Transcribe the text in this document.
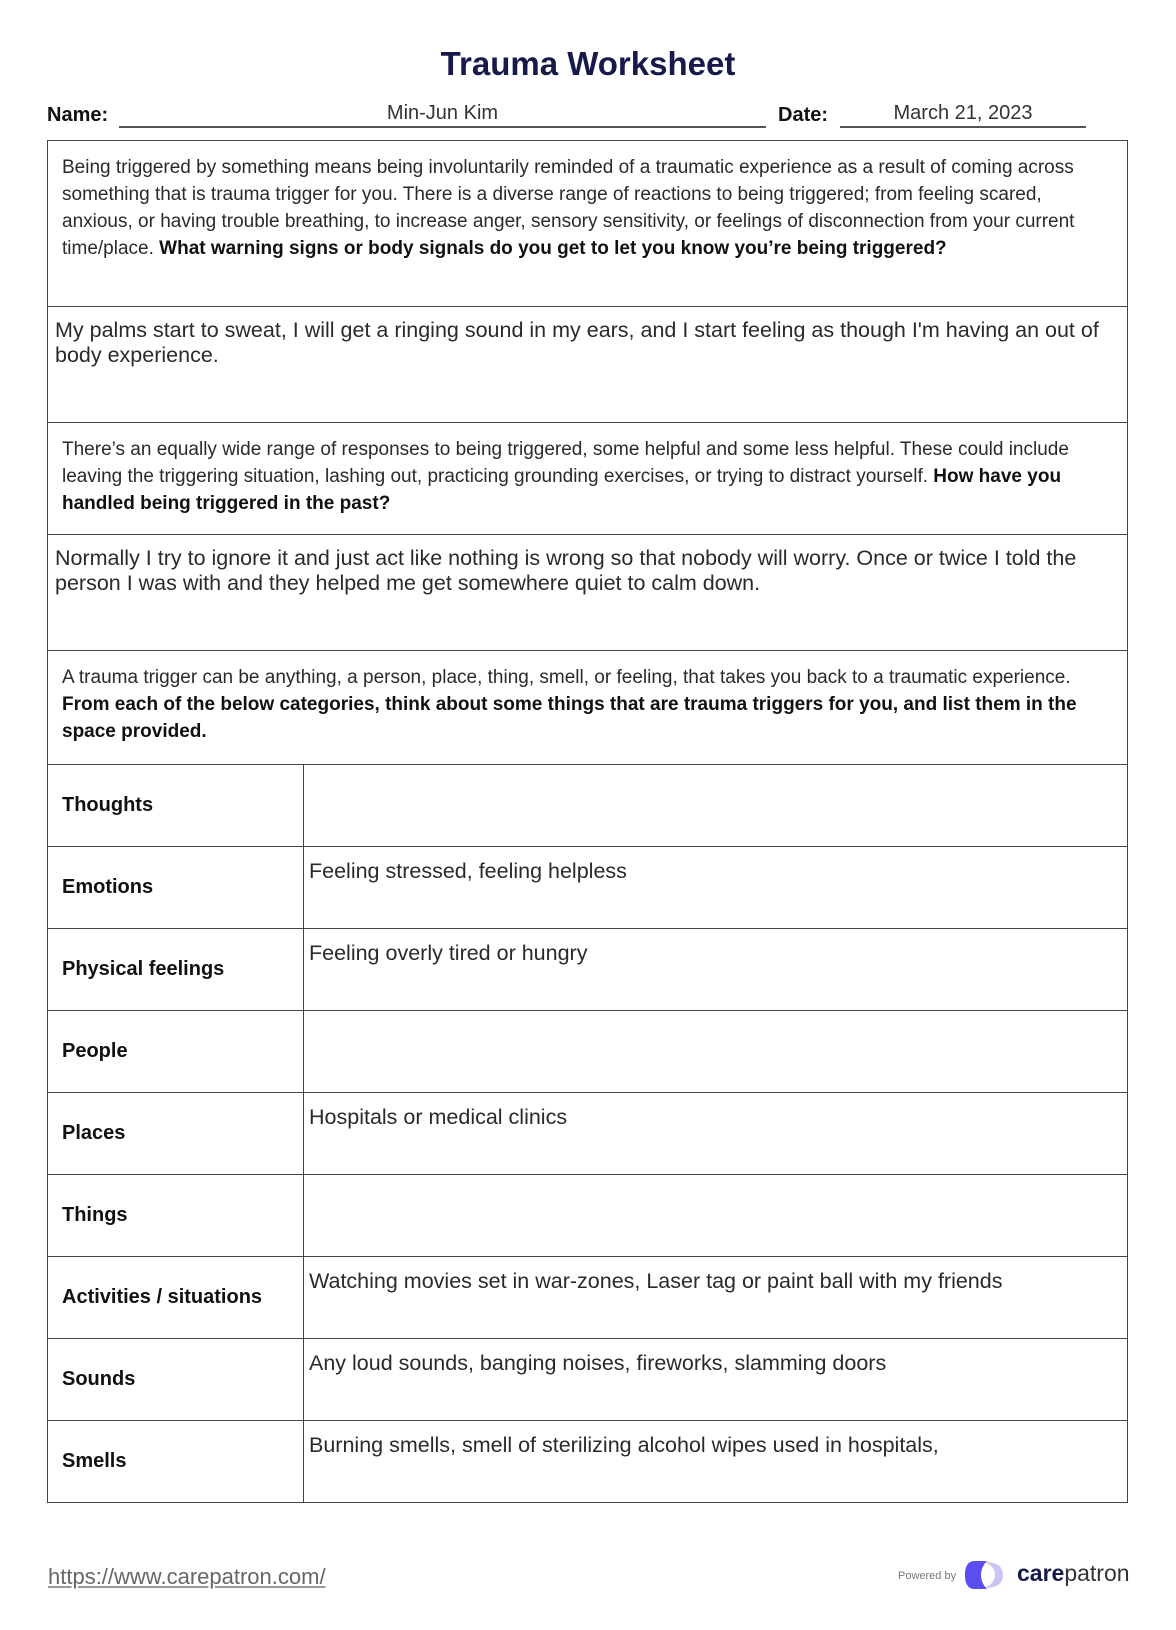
Trauma Worksheet
Name:	Min-Jun Kim	Date:	March 21, 2023
Being triggered by something means being involuntarily reminded of a traumatic experience as a result of coming across something that is trauma trigger for you. There is a diverse range of reactions to being triggered; from feeling scared, anxious, or having trouble breathing, to increase anger, sensory sensitivity, or feelings of disconnection from your current time/place. What warning signs or body signals do you get to let you know you’re being triggered?
My palms start to sweat, I will get a ringing sound in my ears, and I start feeling as though I'm having an out of body experience.
There’s an equally wide range of responses to being triggered, some helpful and some less helpful. These could include leaving the triggering situation, lashing out, practicing grounding exercises, or trying to distract yourself. How have you handled being triggered in the past?
Normally I try to ignore it and just act like nothing is wrong so that nobody will worry. Once or twice I told the person I was with and they helped me get somewhere quiet to calm down.
A trauma trigger can be anything, a person, place, thing, smell, or feeling, that takes you back to a traumatic experience. From each of the below categories, think about some things that are trauma triggers for you, and list them in the space provided.
Thoughts	
Emotions	Feeling stressed, feeling helpless
Physical feelings	Feeling overly tired or hungry
People	
Places	Hospitals or medical clinics
Things	
Activities / situations	Watching movies set in war-zones, Laser tag or paint ball with my friends
Sounds	Any loud sounds, banging noises, fireworks, slamming doors
Smells	Burning smells, smell of sterilizing alcohol wipes used in hospitals,
https://www.carepatron.com/	Powered by	carepatron
